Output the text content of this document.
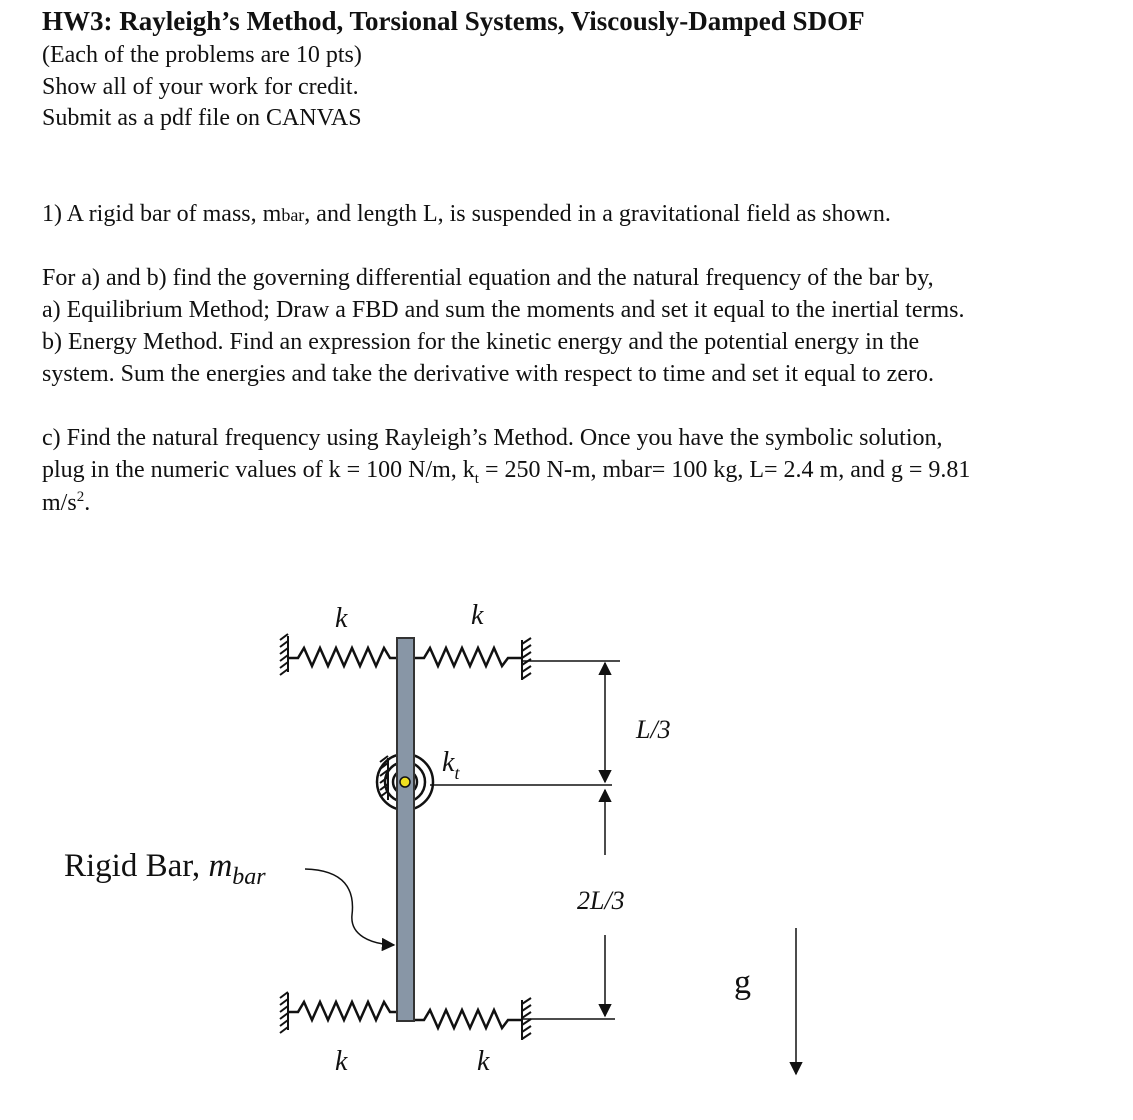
HW3: Rayleigh’s Method, Torsional Systems, Viscously-Damped SDOF
(Each of the problems are 10 pts)
Show all of your work for credit.
Submit as a pdf file on CANVAS
1) A rigid bar of mass, mbar, and length L, is suspended in a gravitational field as shown.
For a) and b) find the governing differential equation and the natural frequency of the bar by,
a) Equilibrium Method; Draw a FBD and sum the moments and set it equal to the inertial terms.
b) Energy Method. Find an expression for the kinetic energy and the potential energy in the
system. Sum the energies and take the derivative with respect to time and set it equal to zero.
c) Find the natural frequency using Rayleigh’s Method. Once you have the symbolic solution,
plug in the numeric values of k = 100 N/m, $k_t = 250$ N-m, mbar= 100 kg, L= 2.4 m, and g = 9.81
$m/s^2$.
k	k
k	k
$k_t$
L/3
2L/3
Rigid Bar, $m_{bar}$
g
